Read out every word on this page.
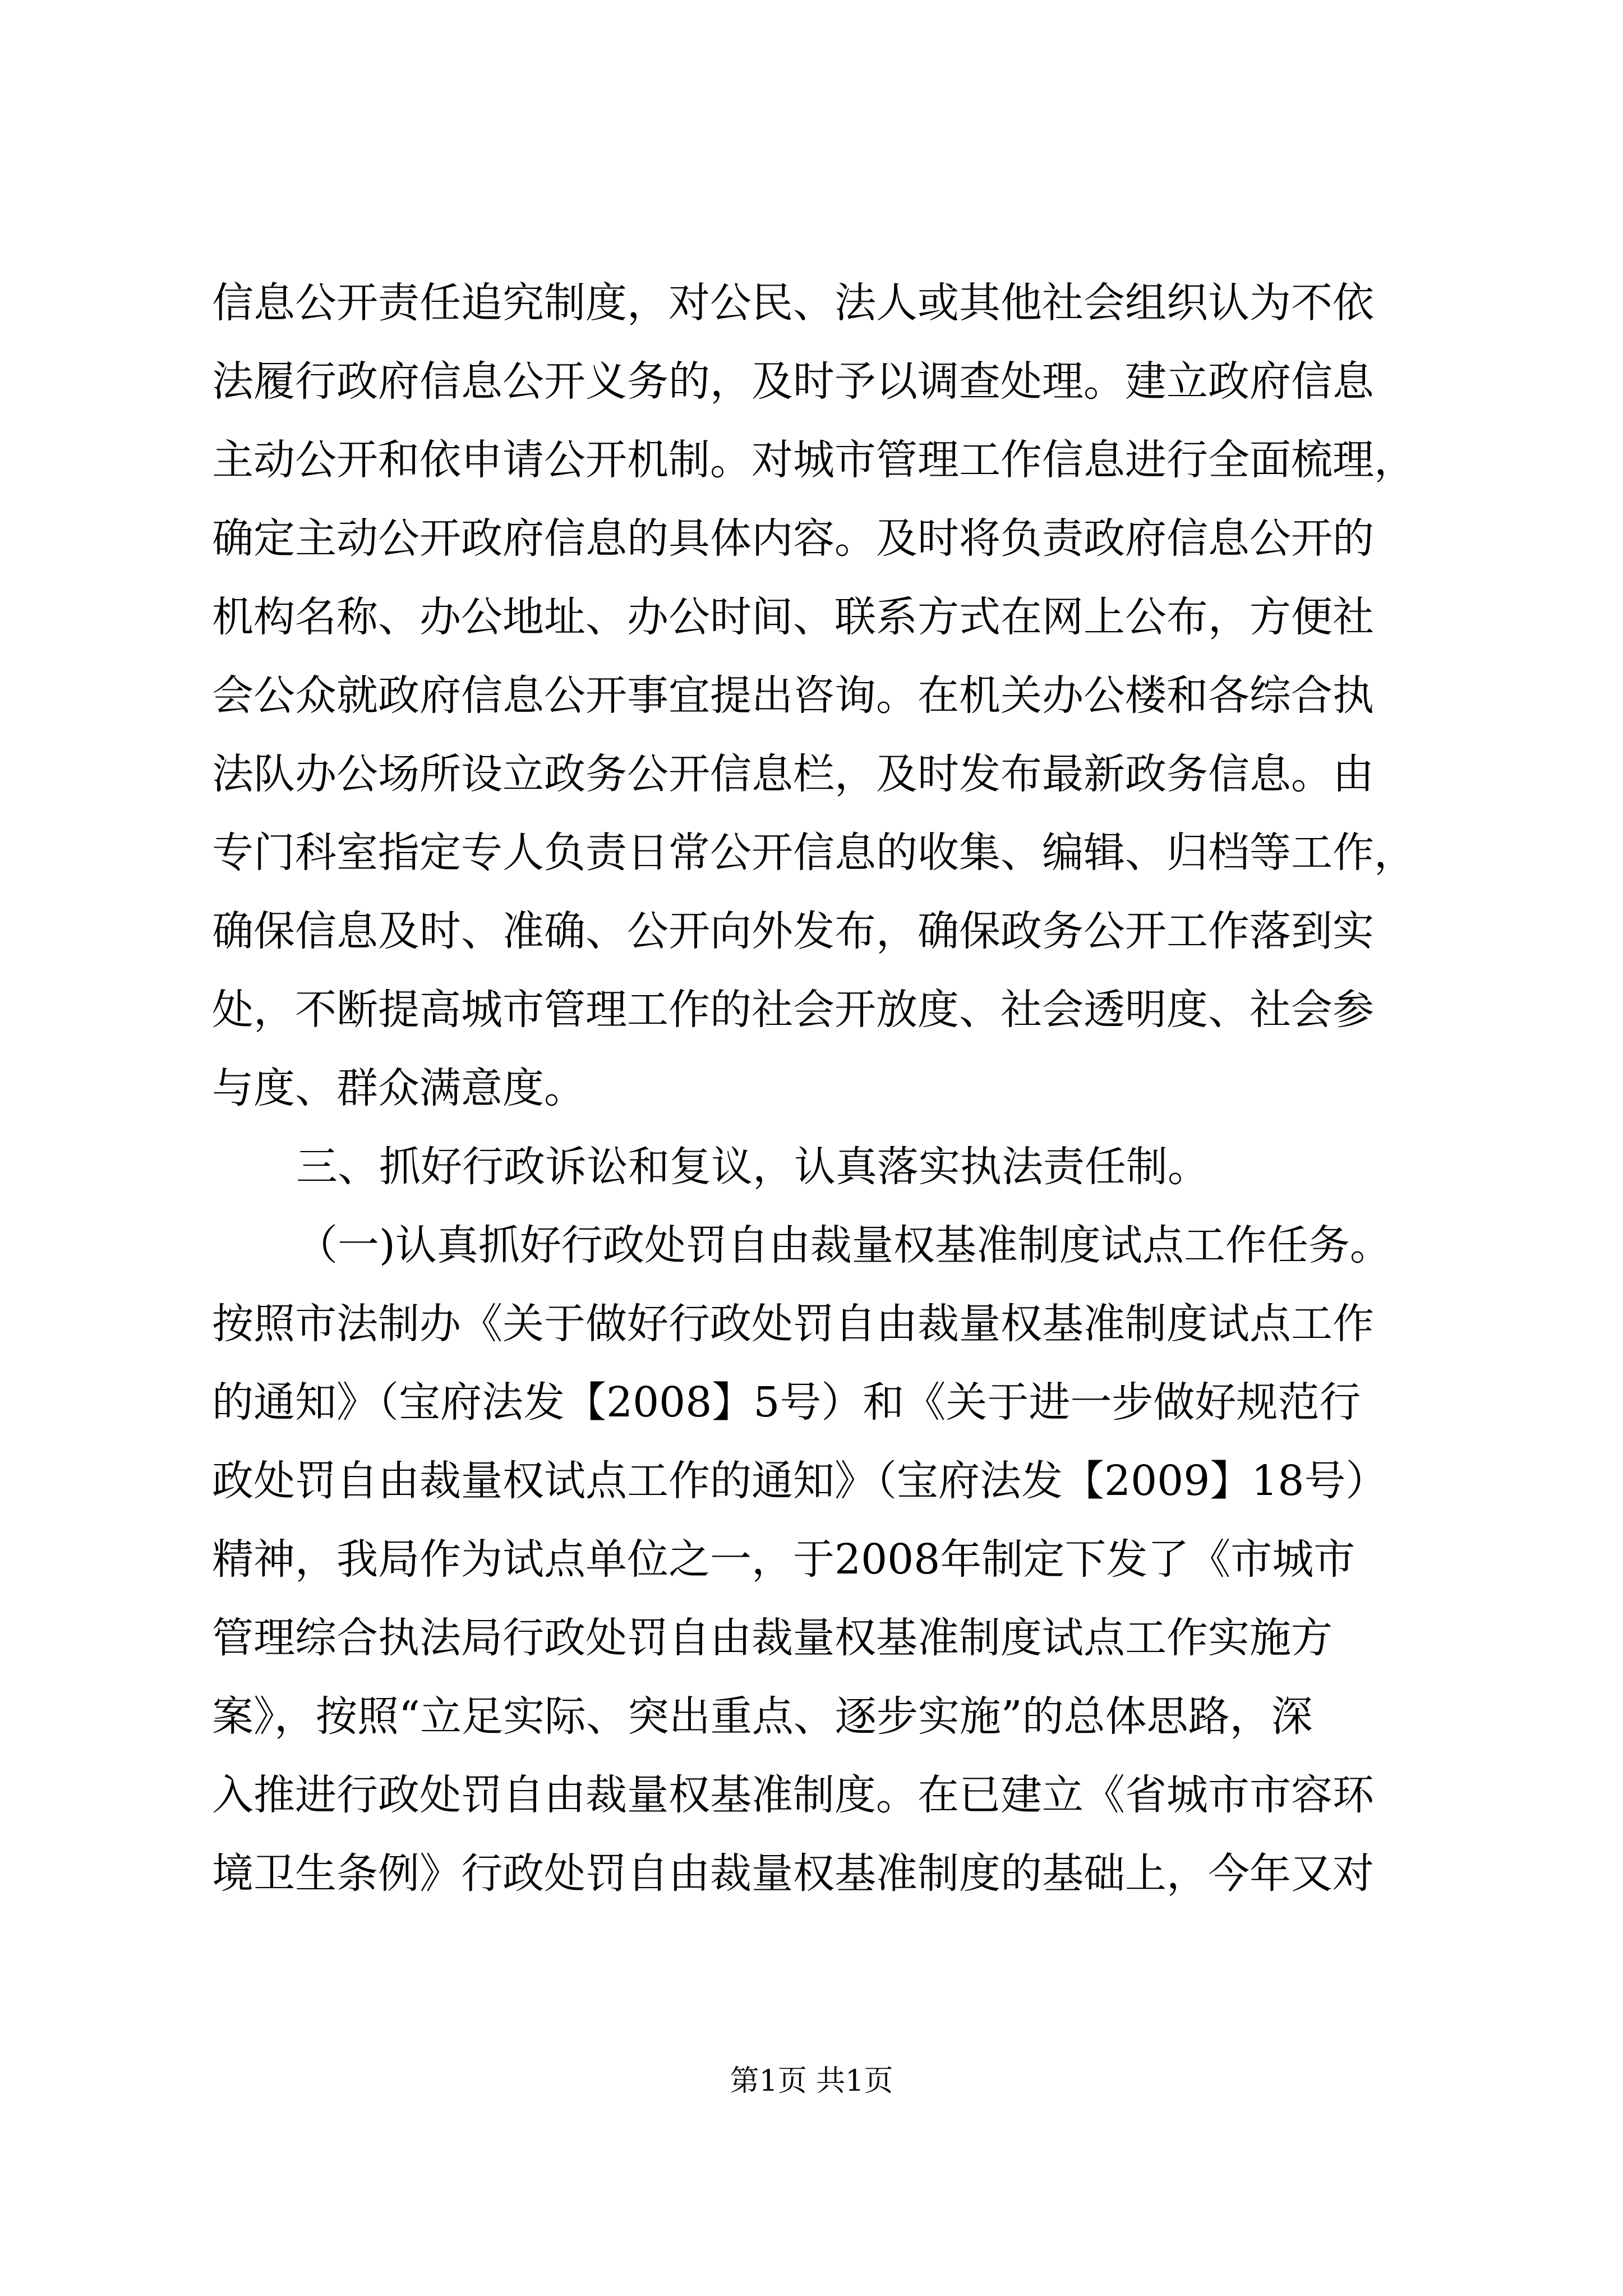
信息公开责任追究制度，对公民、法人或其他社会组织认为不依
法履行政府信息公开义务的，及时予以调查处理。建立政府信息
主动公开和依申请公开机制。对城市管理工作信息进行全面梳理，
确定主动公开政府信息的具体内容。及时将负责政府信息公开的
机构名称、办公地址、办公时间、联系方式在网上公布，方便社
会公众就政府信息公开事宜提出咨询。在机关办公楼和各综合执
法队办公场所设立政务公开信息栏，及时发布最新政务信息。由
专门科室指定专人负责日常公开信息的收集、编辑、归档等工作，
确保信息及时、准确、公开向外发布，确保政务公开工作落到实
处，不断提高城市管理工作的社会开放度、社会透明度、社会参
与度、群众满意度。
三、抓好行政诉讼和复议，认真落实执法责任制。
（一)认真抓好行政处罚自由裁量权基准制度试点工作任务。
按照市法制办《关于做好行政处罚自由裁量权基准制度试点工作
的通知》（宝府法发【2008】5号）和《关于进一步做好规范行
政处罚自由裁量权试点工作的通知》（宝府法发【2009】18号）
精神，我局作为试点单位之一，于2008年制定下发了《市城市
管理综合执法局行政处罚自由裁量权基准制度试点工作实施方
案》，按照“立足实际、突出重点、逐步实施”的总体思路，深
入推进行政处罚自由裁量权基准制度。在已建立《省城市市容环
境卫生条例》行政处罚自由裁量权基准制度的基础上，今年又对
第1页 共1页
